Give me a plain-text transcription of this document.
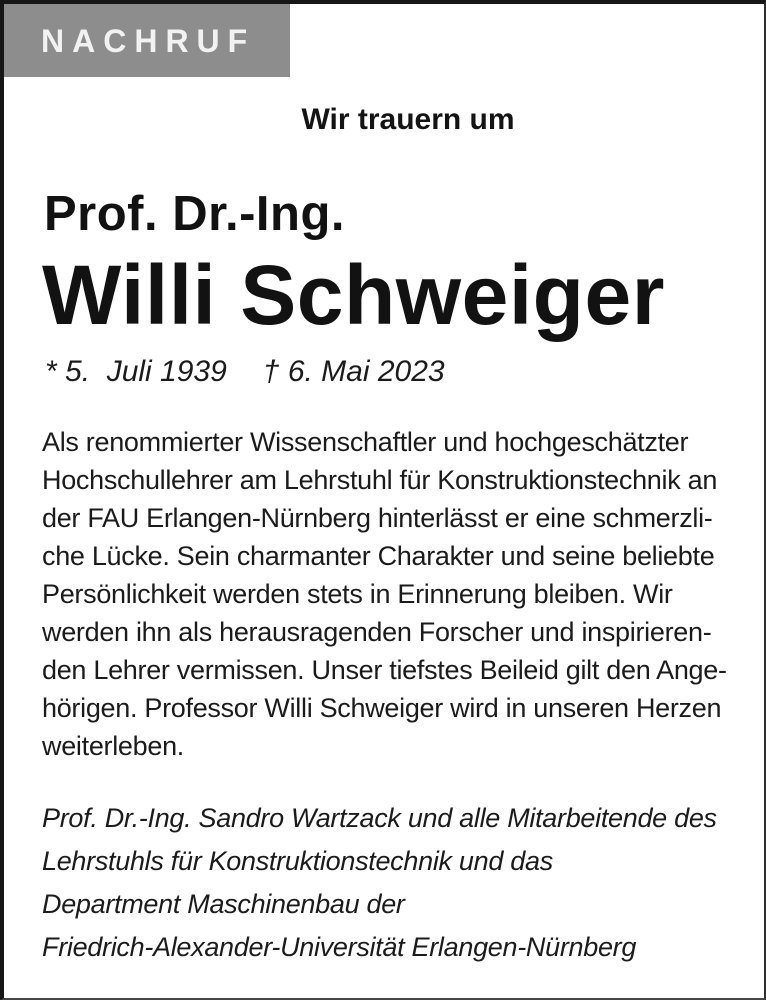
NACHRUF
Wir trauern um
Prof. Dr.-Ing.
Willi Schweiger
* 5.  Juli 1939 † 6. Mai 2023
Als renommierter Wissenschaftler und hochgeschätzter
Hochschullehrer am Lehrstuhl für Konstruktionstechnik an
der FAU Erlangen-Nürnberg hinterlässt er eine schmerzli-
che Lücke. Sein charmanter Charakter und seine beliebte
Persönlichkeit werden stets in Erinnerung bleiben. Wir
werden ihn als herausragenden Forscher und inspirieren-
den Lehrer vermissen. Unser tiefstes Beileid gilt den Ange-
hörigen. Professor Willi Schweiger wird in unseren Herzen
weiterleben.
Prof. Dr.-Ing. Sandro Wartzack und alle Mitarbeitende des
Lehrstuhls für Konstruktionstechnik und das
Department Maschinenbau der
Friedrich-Alexander-Universität Erlangen-Nürnberg
